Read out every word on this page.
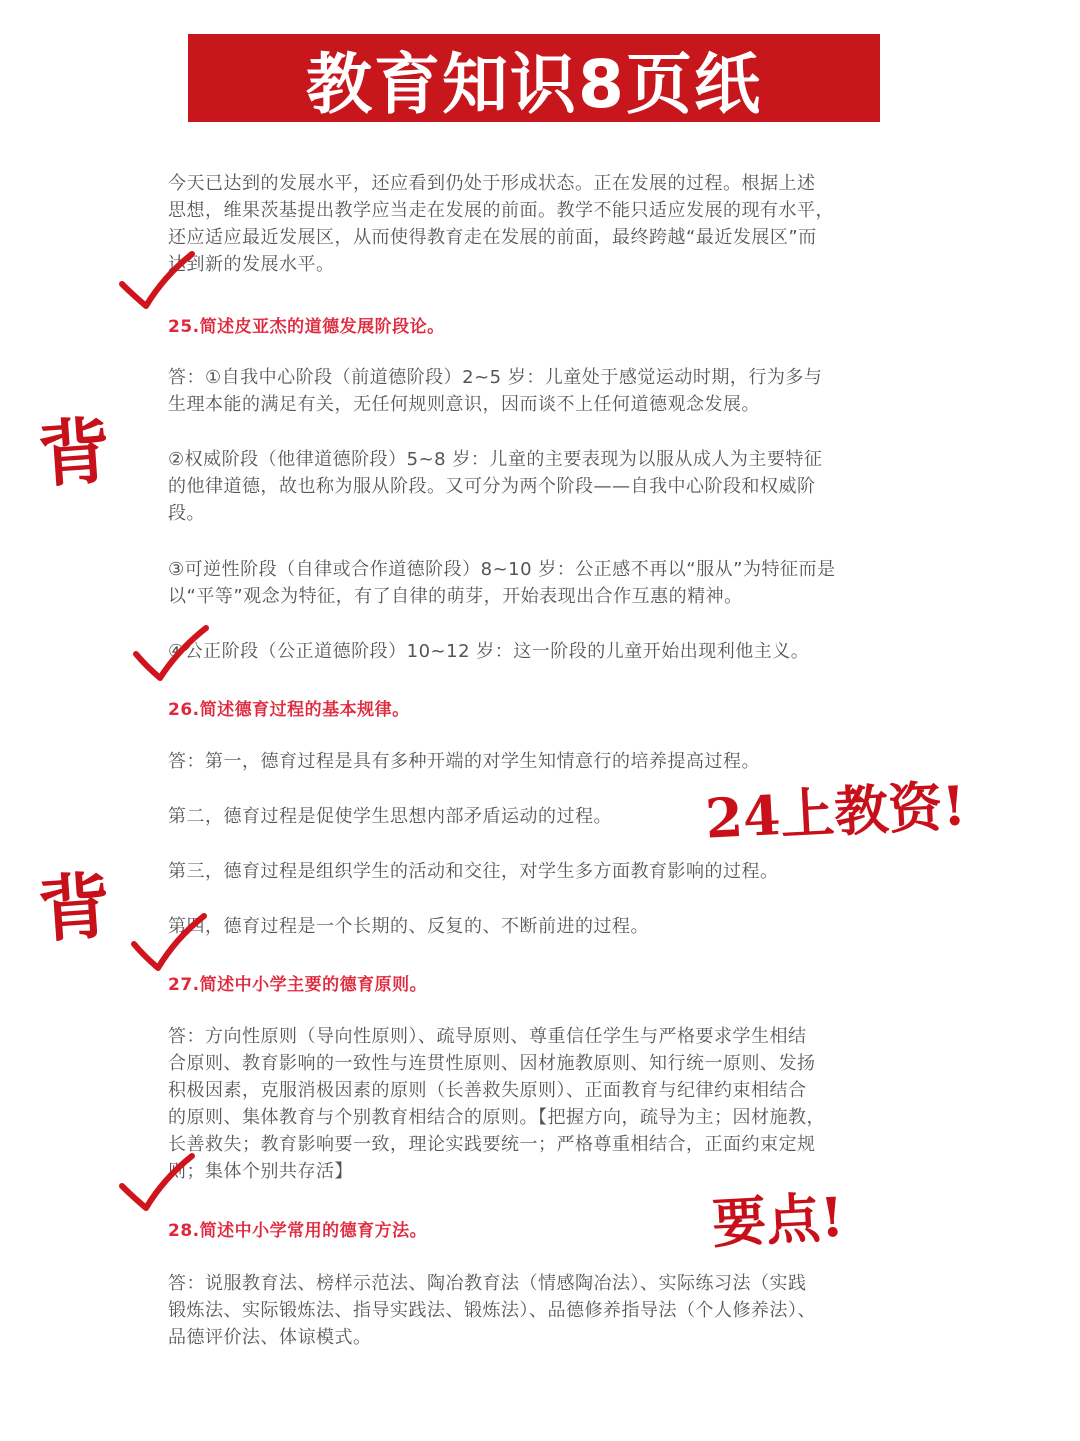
教育知识8页纸

今天已达到的发展水平，还应看到仍处于形成状态。正在发展的过程。根据上述

思想，维果茨基提出教学应当走在发展的前面。教学不能只适应发展的现有水平，

还应适应最近发展区，从而使得教育走在发展的前面，最终跨越“最近发展区”而

达到新的发展水平。

25.简述皮亚杰的道德发展阶段论。

答：①自我中心阶段（前道德阶段）2~5 岁：儿童处于感觉运动时期，行为多与

生理本能的满足有关，无任何规则意识，因而谈不上任何道德观念发展。

②权威阶段（他律道德阶段）5~8 岁：儿童的主要表现为以服从成人为主要特征

的他律道德，故也称为服从阶段。又可分为两个阶段——自我中心阶段和权威阶

段。

③可逆性阶段（自律或合作道德阶段）8~10 岁：公正感不再以“服从”为特征而是

以“平等”观念为特征，有了自律的萌芽，开始表现出合作互惠的精神。

④公正阶段（公正道德阶段）10~12 岁：这一阶段的儿童开始出现利他主义。
26.简述德育过程的基本规律。
答：第一，德育过程是具有多种开端的对学生知情意行的培养提高过程。
第二，德育过程是促使学生思想内部矛盾运动的过程。
第三，德育过程是组织学生的活动和交往，对学生多方面教育影响的过程。
第四，德育过程是一个长期的、反复的、不断前进的过程。
27.简述中小学主要的德育原则。

答：方向性原则（导向性原则）、疏导原则、尊重信任学生与严格要求学生相结

合原则、教育影响的一致性与连贯性原则、因材施教原则、知行统一原则、发扬

积极因素，克服消极因素的原则（长善救失原则）、正面教育与纪律约束相结合

的原则、集体教育与个别教育相结合的原则。【把握方向，疏导为主；因材施教，

长善救失；教育影响要一致，理论实践要统一；严格尊重相结合，正面约束定规

则；集体个别共存活】

28.简述中小学常用的德育方法。

答：说服教育法、榜样示范法、陶冶教育法（情感陶冶法）、实际练习法（实践

锻炼法、实际锻炼法、指导实践法、锻炼法）、品德修养指导法（个人修养法）、

品德评价法、体谅模式。

背
背
24上教资!
要点!
